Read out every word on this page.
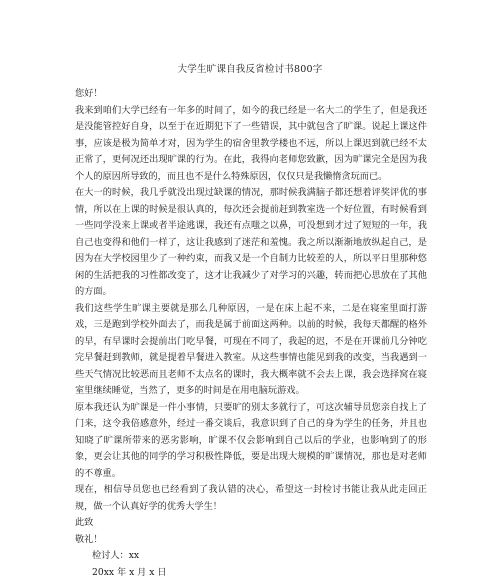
大学生旷课自我反省检讨书800字

您好！

我来到咱们大学已经有一年多的时间了，如今的我已经是一名大二的学生了，但是我还是没能管控好自身，以至于在近期犯下了一些错误，其中就包含了旷课。说起上课这件事，应该是极为简单才对，因为学生的宿舍里教学楼也不远，所以上课迟到就已经不太正常了，更何况还出现旷课的行为。在此，我得向老师您致歉，因为旷课完全是因为我个人的原因所导致的，而且也不是什么特殊原因，仅仅只是我懒惰贪玩而已。

在大一的时候，我几乎就没出现过缺课的情况，那时候我满脑子都还想着评奖评优的事情，所以在上课的时候是很认真的，每次还会提前赶到教室选一个好位置，有时候看到一些同学没来上课或者半途逃课，我还有点嗤之以鼻，可没想到才过了短短的一年，我自己也变得和他们一样了，这让我感到了迷茫和羞愧。我之所以渐渐地放纵起自己，是因为在大学校园里少了一种约束，而我又是一个自制力比较差的人，所以平日里那种悠闲的生活把我的习性都改变了，这才让我减少了对学习的兴趣，转而把心思放在了其他的方面。

我们这些学生旷课主要就是那么几种原因，一是在床上起不来，二是在寝室里面打游戏，三是跑到学校外面去了，而我是属于前面这两种。以前的时候，我每天都醒的格外的早，有早课时会提前出门吃早餐，可现在不同了，我起的迟，不是在开课前几分钟吃完早餐赶到教师，就是提着早餐进入教室。从这些事情也能见到我的改变，当我遇到一些天气情况比较恶而且老师不太点名的课时，我大概率就不会去上课，我会选择窝在寝室里继续睡觉，当然了，更多的时间是在用电脑玩游戏。

原本我还认为旷课是一件小事情，只要旷的别太多就行了，可这次辅导员您亲自找上了门来，这令我倍感意外，经过一番交谈后，我意识到了自己的身为学生的任务，并且也知晓了旷课所带来的恶劣影响，旷课不仅会影响到自己以后的学业，也影响到了的形象，更会让其他的同学的学习积极性降低，要是出现大规模的旷课情况，那也是对老师的不尊重。

现在，相信导员您也已经看到了我认错的决心，希望这一封检讨书能让我从此走回正规，做一个认真好学的优秀大学生！

此致

敬礼！

检讨人：xx

20xx 年 x 月 x 日
